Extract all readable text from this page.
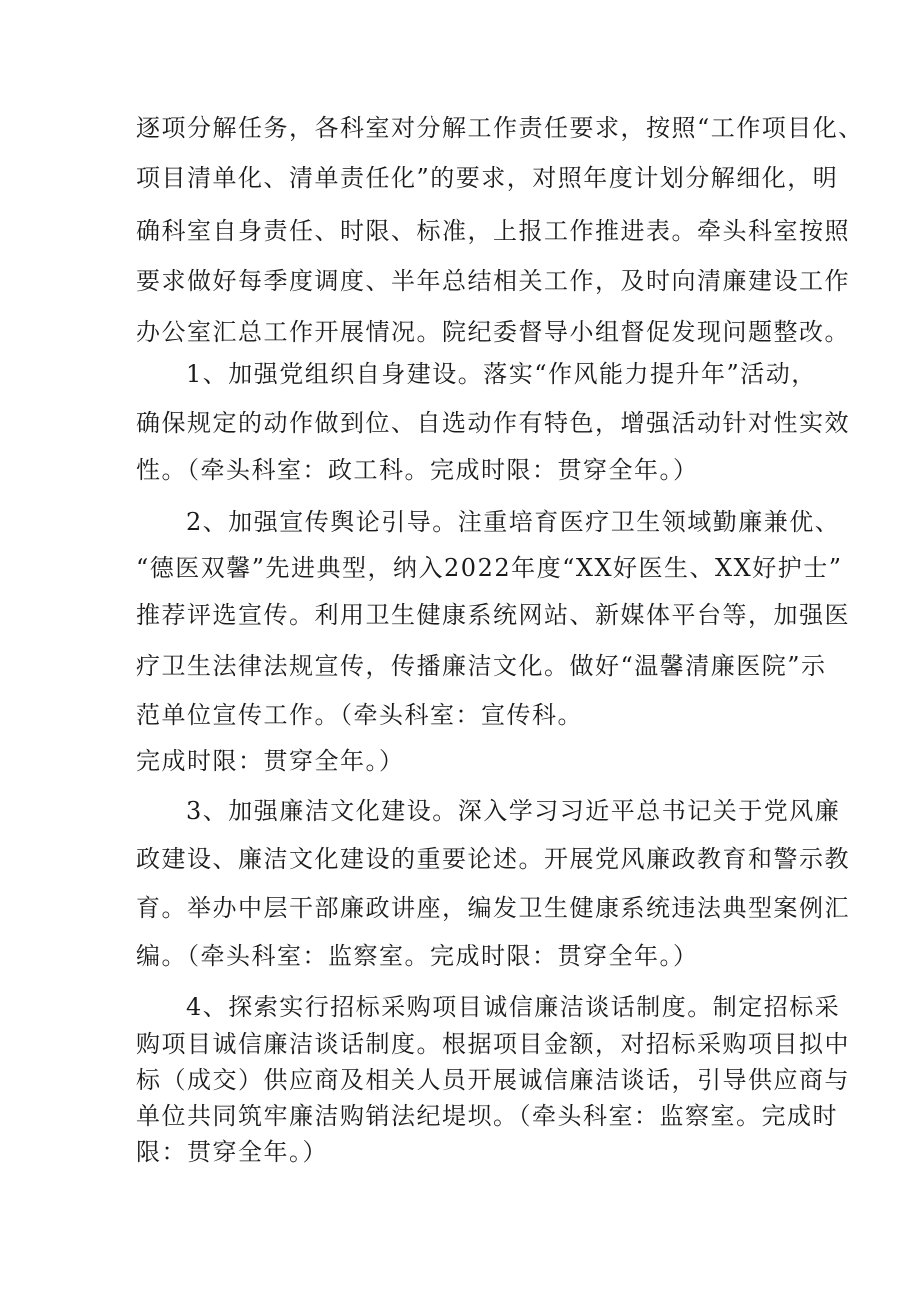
逐项分解任务，各科室对分解工作责任要求，按照“工作项目化、
项目清单化、清单责任化”的要求，对照年度计划分解细化，明
确科室自身责任、时限、标准，上报工作推进表。牵头科室按照
要求做好每季度调度、半年总结相关工作，及时向清廉建设工作
办公室汇总工作开展情况。院纪委督导小组督促发现问题整改。
1、加强党组织自身建设。落实“作风能力提升年”活动，
确保规定的动作做到位、自选动作有特色，增强活动针对性实效
性。（牵头科室：政工科。完成时限：贯穿全年。）
2、加强宣传舆论引导。注重培育医疗卫生领域勤廉兼优、
“德医双馨”先进典型，纳入2022年度“XX好医生、XX好护士”
推荐评选宣传。利用卫生健康系统网站、新媒体平台等，加强医
疗卫生法律法规宣传，传播廉洁文化。做好“温馨清廉医院”示
范单位宣传工作。（牵头科室：宣传科。
完成时限：贯穿全年。）
3、加强廉洁文化建设。深入学习习近平总书记关于党风廉
政建设、廉洁文化建设的重要论述。开展党风廉政教育和警示教
育。举办中层干部廉政讲座，编发卫生健康系统违法典型案例汇
编。（牵头科室：监察室。完成时限：贯穿全年。）
4、探索实行招标采购项目诚信廉洁谈话制度。制定招标采
购项目诚信廉洁谈话制度。根据项目金额，对招标采购项目拟中
标（成交）供应商及相关人员开展诚信廉洁谈话，引导供应商与
单位共同筑牢廉洁购销法纪堤坝。（牵头科室：监察室。完成时
限：贯穿全年。）
